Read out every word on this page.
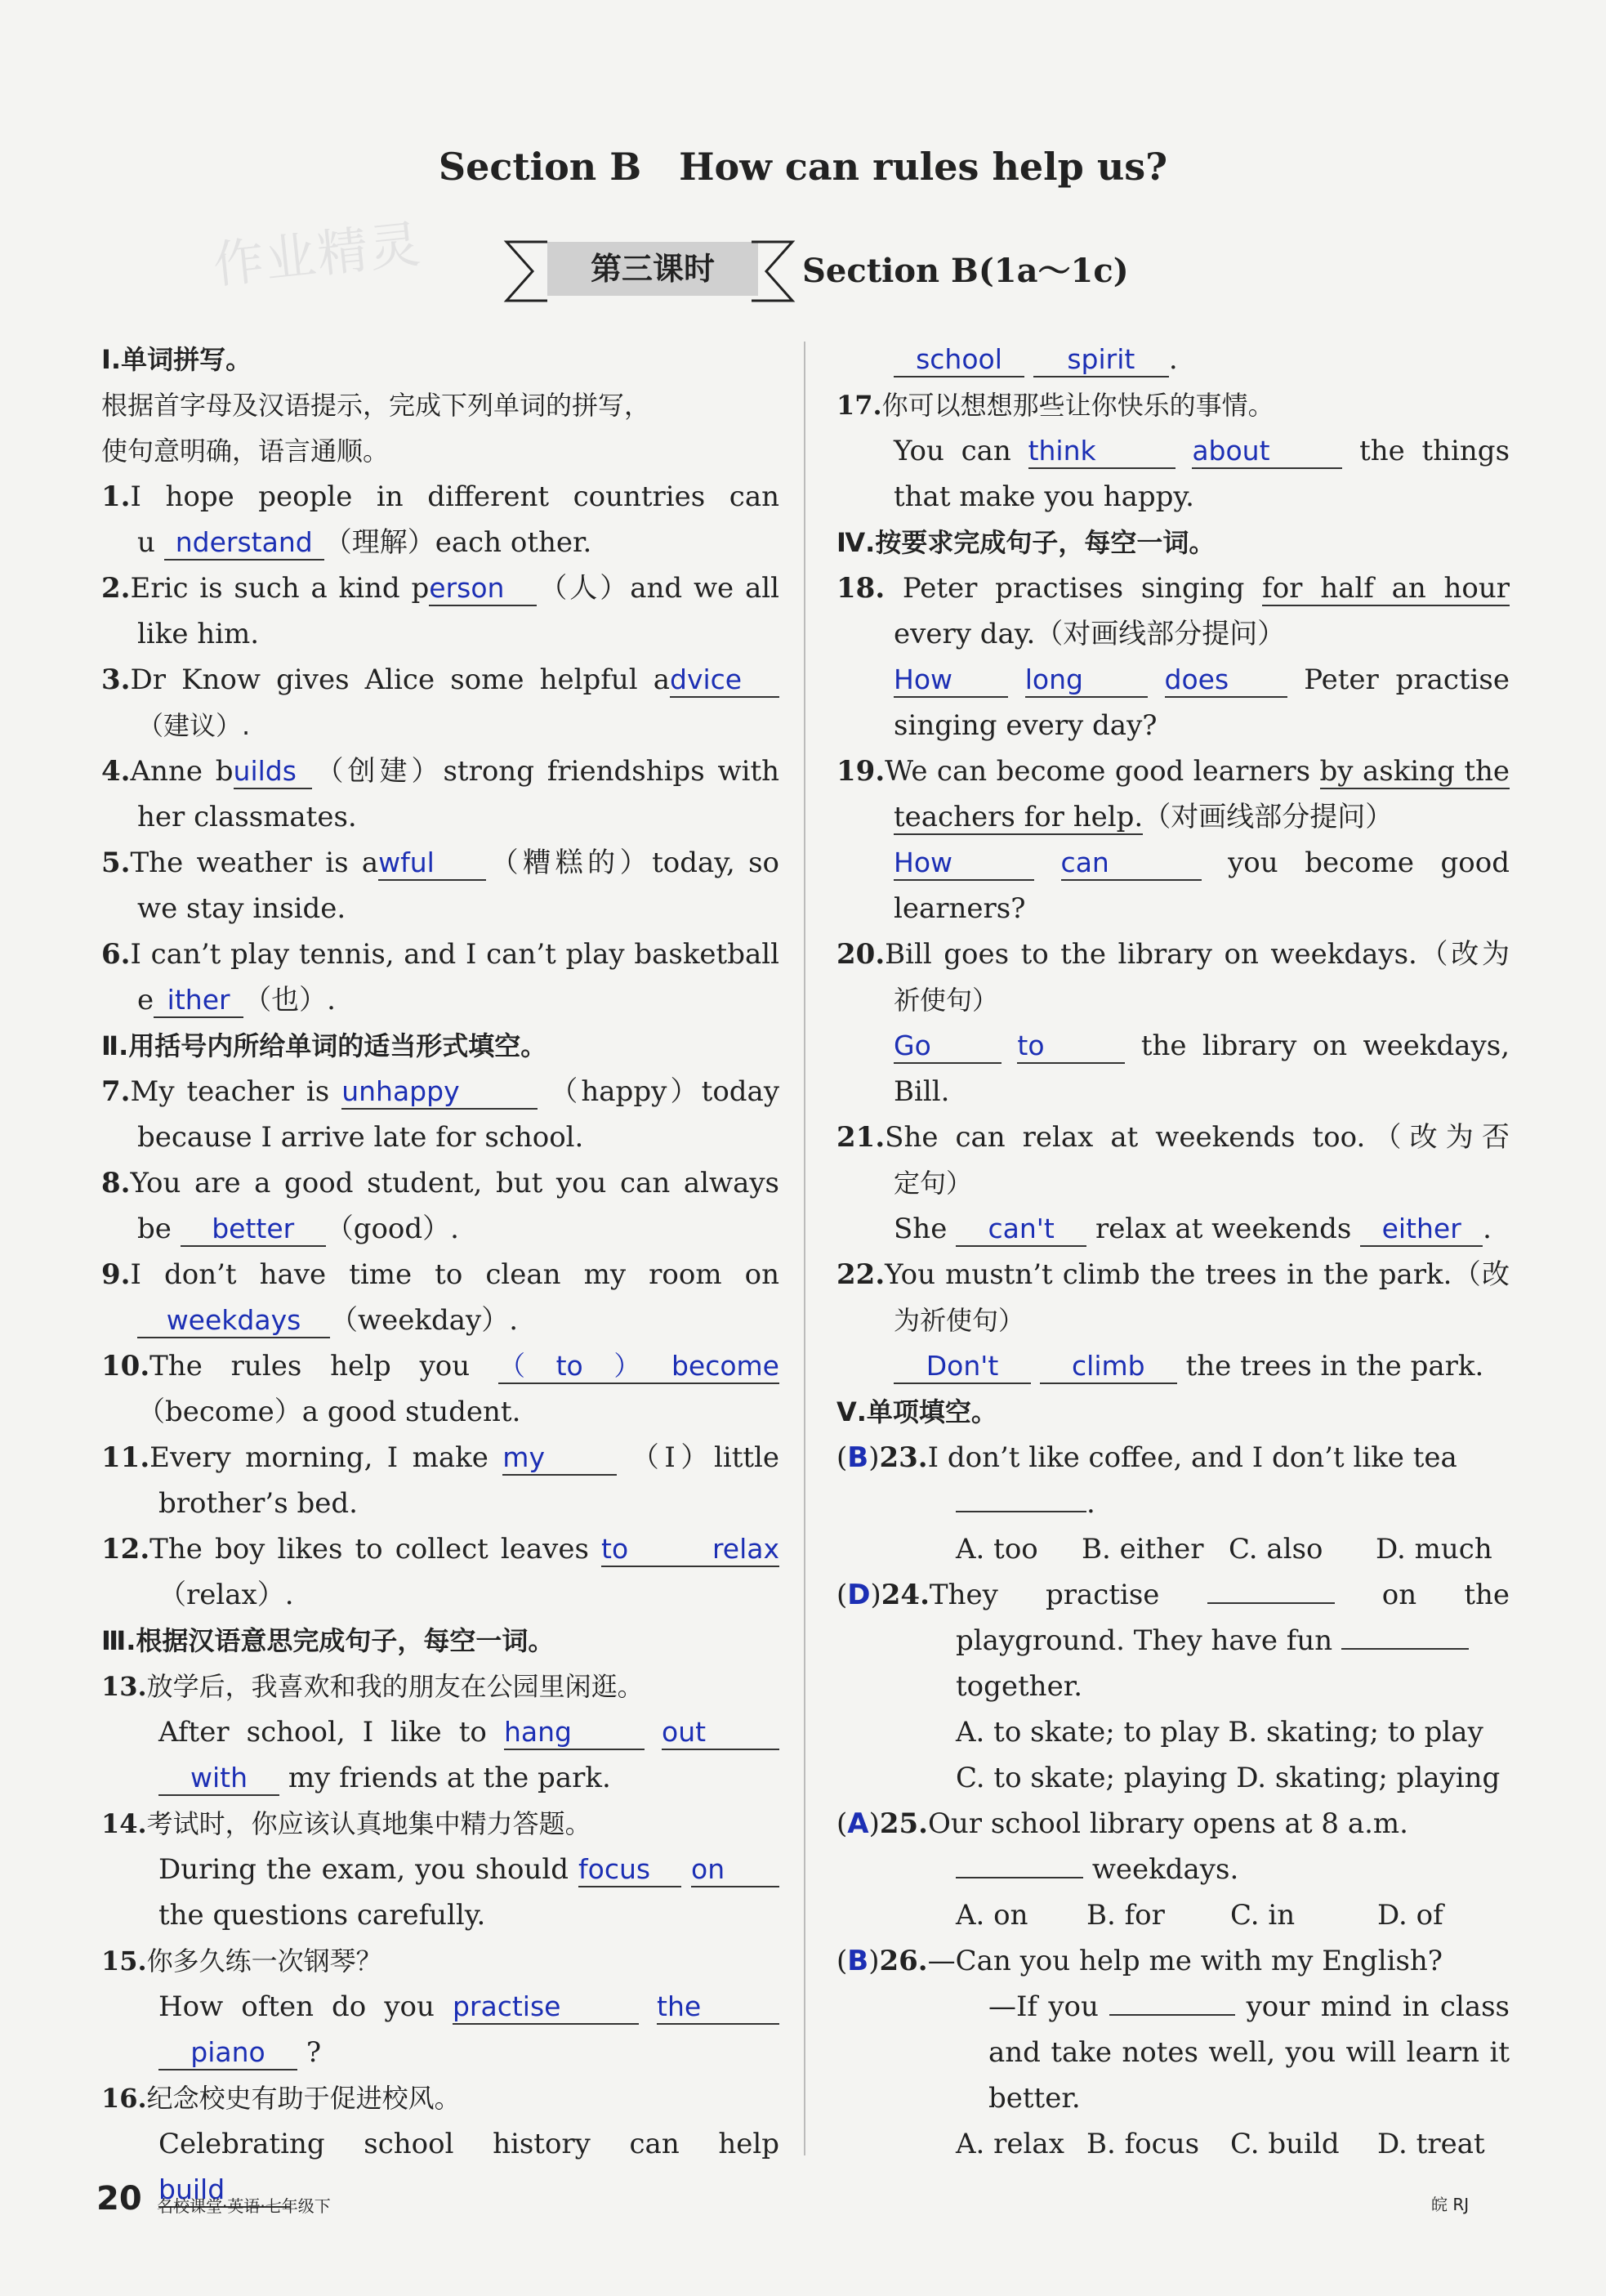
Section B　How can rules help us?
作业精灵	第三课时	Section B(1a～1c)
Ⅰ.单词拼写。
根据首字母及汉语提示，完成下列单词的拼写，
使句意明确，语言通顺。
1.I hope people in different countries can
u nderstand （理解）each other.
2.Eric is such a kind person （人）and we all
like him.
3.Dr Know gives Alice some helpful advice
（建议）.
4.Anne builds （创建）strong friendships with
her classmates.
5.The weather is awful （糟糕的）today, so
we stay inside.
6.I can’t play tennis, and I can’t play basketball
e ither （也）.
Ⅱ.用括号内所给单词的适当形式填空。
7.My teacher is unhappy	（happy）today
because I arrive late for school.
8.You are a good student, but you can always
be better （good）.
9.I don’t have time to clean my room on
weekdays （weekday）.
10.The rules help you （to）become
（become）a good student.
11.Every morning, I make my	（I）little
brother’s bed.
12.The boy likes to collect leaves to relax
（relax）.
Ⅲ.根据汉语意思完成句子，每空一词。
13.放学后，我喜欢和我的朋友在公园里闲逛。
After school, I like to hang	out
with my friends at the park.
14.考试时，你应该认真地集中精力答题。
During the exam, you should focus on
the questions carefully.
15.你多久练一次钢琴？
How often do you practise	the
piano ?
16.纪念校史有助于促进校风。
Celebrating school history can help build
school spirit .
17.你可以想想那些让你快乐的事情。
You can think	about	the things
that make you happy.
Ⅳ.按要求完成句子，每空一词。
18. Peter practises singing for half an hour
every day.（对画线部分提问）
How	long	does	Peter practise
singing every day?
19.We can become good learners by asking the
teachers for help.（对画线部分提问）
How	can	you become good
learners?
20.Bill goes to the library on weekdays.（改为
祈使句）
Go	to	the library on weekdays,
Bill.
21.She can relax at weekends too.（改为否
定句）
She can't relax at weekends either .
22.You mustn’t climb the trees in the park.（改
为祈使句）
Don't	climb the trees in the park.
Ⅴ.单项填空。
(B)23.I don’t like coffee, and I don’t like tea
.
A. too B. either C. also D. much
(D)24.They practise	on the
playground. They have fun
together.
A. to skate; to play B. skating; to play
C. to skate; playing D. skating; playing
(A)25.Our school library opens at 8 a.m.
weekdays.
A. on B. for C. in	D. of
(B)26.—Can you help me with my English?
—If you	your mind in class
and take notes well, you will learn it
better.
A. relax B. focus C. build D. treat
20 名校课堂·英语·七年级下	皖 RJ
